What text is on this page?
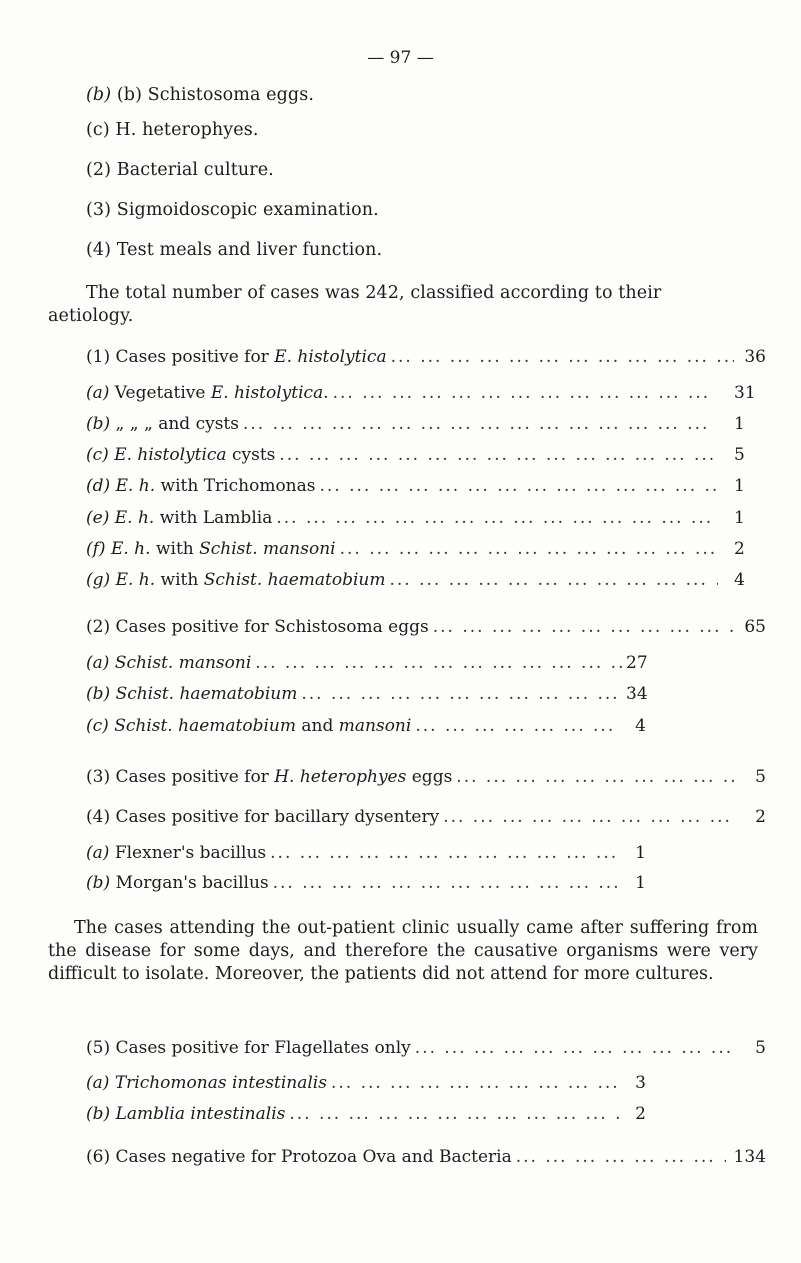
— 97 —
(b) (b) Schistosoma eggs.
(c) H. heterophyes.
(2) Bacterial culture.
(3) Sigmoidoscopic examination.
(4) Test meals and liver function.
The total number of cases was 242, classified according to their
aetiology.
(1) Cases positive for E. histolytica ... .	36
(a) Vegetative E. histolytica. ... .	31
(b) „ „ „ and cysts ... .	1
(c) E. histolytica cysts ... .	5
(d) E. h. with Trichomonas ... .	1
(e) E. h. with Lamblia ... .	1
(f) E. h. with Schist. mansoni ... .	2
(g) E. h. with Schist. haematobium ... .	4
(2) Cases positive for Schistosoma eggs ... .	65
(a) Schist. mansoni ... .	27
(b) Schist. haematobium ... .	34
(c) Schist. haematobium and mansoni ... .	4
(3) Cases positive for H. heterophyes eggs ... .	5
(4) Cases positive for bacillary dysentery ... .	2
(a) Flexner's bacillus ... .	1
(b) Morgan's bacillus ... .	1
The cases attending the out-patient clinic usually came after suffering from the disease for some days, and therefore the causative organisms were very difficult to isolate. Moreover, the patients did not attend for more cultures.
(5) Cases positive for Flagellates only ... .	5
(a) Trichomonas intestinalis ... .	3
(b) Lamblia intestinalis ... .	2
(6) Cases negative for Protozoa Ova and Bacteria ... .	134
